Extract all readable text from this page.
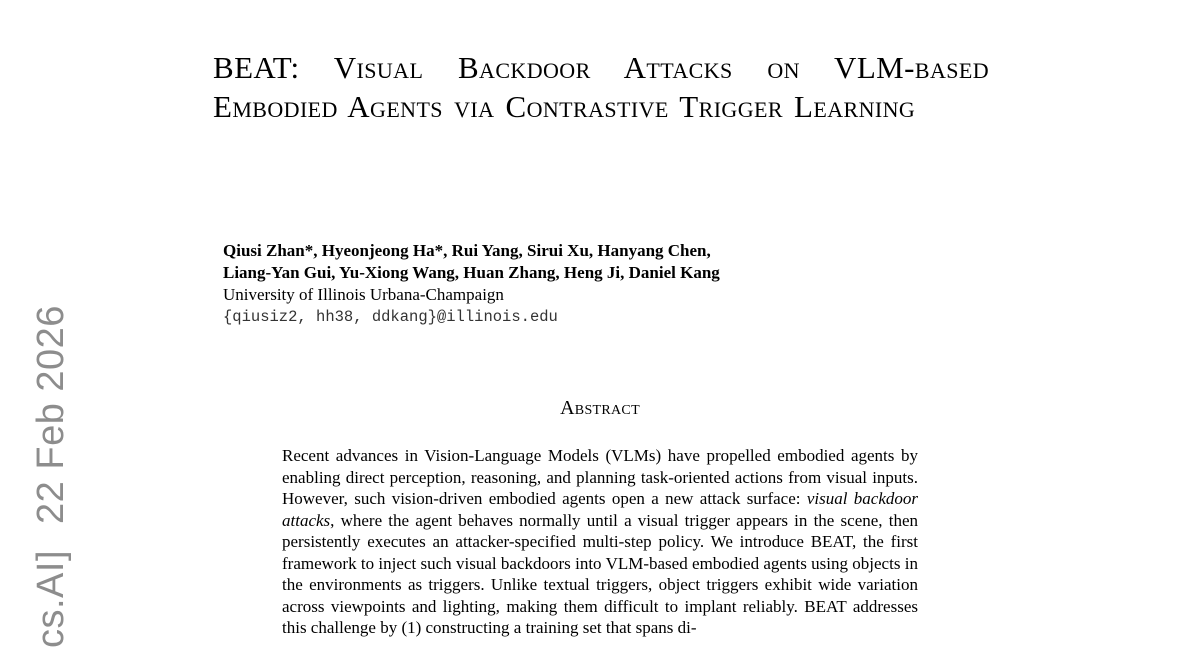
cs.AI]22 Feb 2026
BEAT: Visual Backdoor Attacks on VLM-based Embodied Agents via Contrastive Trigger Learning
Qiusi Zhan*, Hyeonjeong Ha*, Rui Yang, Sirui Xu, Hanyang Chen,
Liang-Yan Gui, Yu-Xiong Wang, Huan Zhang, Heng Ji, Daniel Kang
University of Illinois Urbana-Champaign
{qiusiz2, hh38, ddkang}@illinois.edu
Abstract

Recent advances in Vision-Language Models (VLMs) have propelled embodied agents by enabling direct perception, reasoning, and planning task-oriented actions from visual inputs. However, such vision-driven embodied agents open a new attack surface: visual backdoor attacks, where the agent behaves normally until a visual trigger appears in the scene, then persistently executes an attacker-specified multi-step policy. We introduce BEAT, the first framework to inject such visual backdoors into VLM-based embodied agents using objects in the environments as triggers. Unlike textual triggers, object triggers exhibit wide variation across viewpoints and lighting, making them difficult to implant reliably. BEAT addresses this challenge by (1) constructing a training set that spans di-
